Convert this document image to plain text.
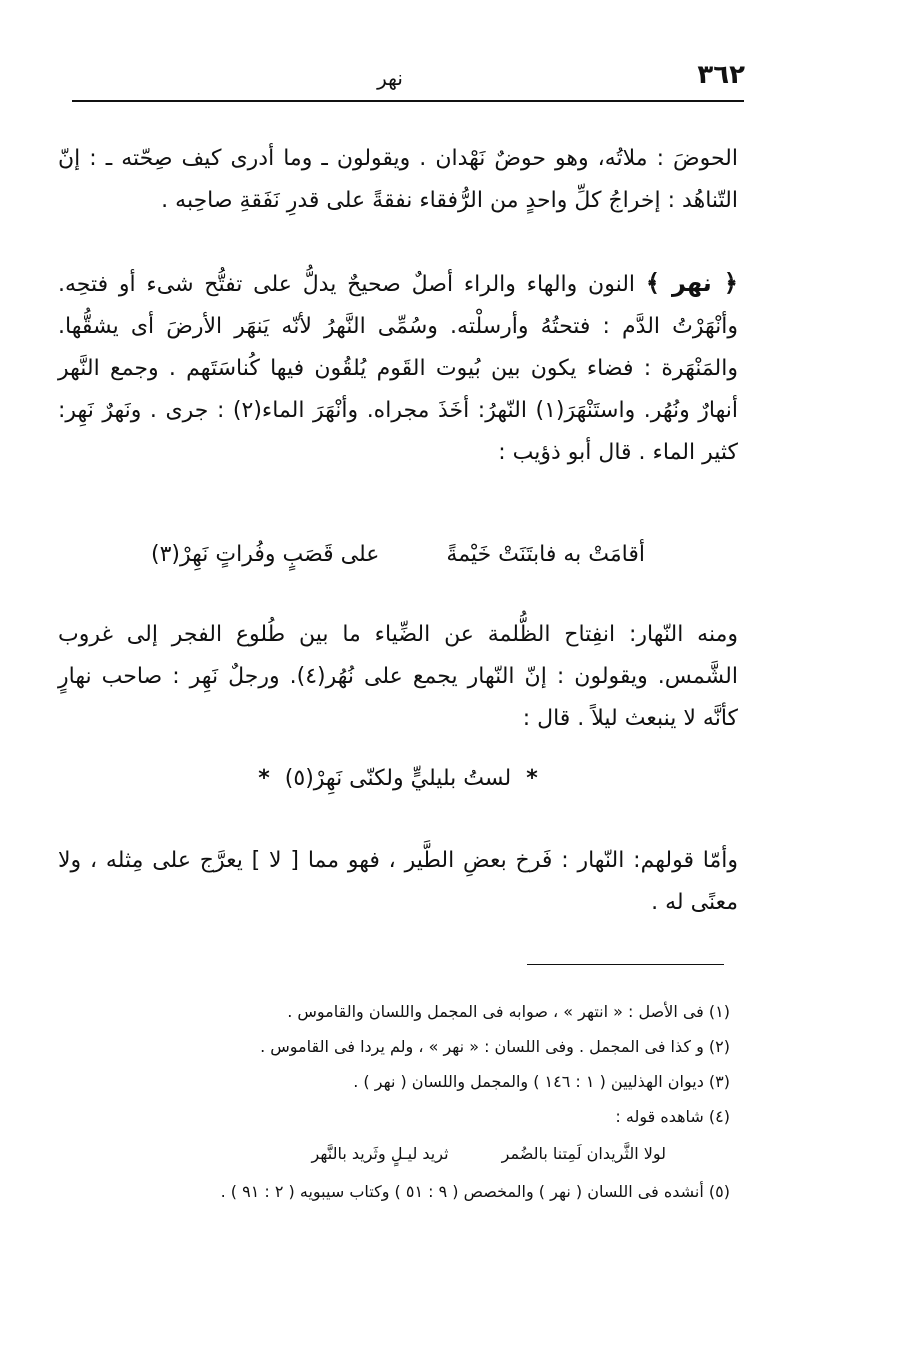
٣٦٢
نهر

الحوضَ : ملاتُه، وهو حوضٌ نَهْدان . ويقولون ـ وما أدرى كيف صِحّته ـ : إنّ التّناهُد : إخراجُ كلِّ واحدٍ من الرُّفقاء نفقةً على قدرِ نَفَقةِ صاحِبه .

﴿ نهر ﴾ النون والهاء والراء أصلٌ صحيحٌ يدلُّ على تفتُّح شىء أو فتحِه. وأنْهَرْتُ الدَّم : فتحتُهُ وأرسلْته. وسُمِّى النَّهرُ لأنّه يَنهَر الأرضَ أى يشقُّها. والمَنْهَرة : فضاء يكون بين بُيوت القَوم يُلقُون فيها كُناسَتَهم . وجمع النَّهر أنهارٌ ونُهُر. واستَنْهَرَ(١) النّهرُ: أخَذَ مجراه. وأنْهَرَ الماء(٢) : جرى . ونَهرٌ نَهِر: كثير الماء . قال أبو ذؤيب :

أقامَتْ به فابتَنَتْ خَيْمةً على قَصَبٍ وفُراتٍ نَهِرْ(٣)

ومنه النّهار: انفِتاح الظُّلمة عن الضِّياء ما بين طُلوع الفجر إلى غروب الشَّمس. ويقولون : إنّ النّهار يجمع على نُهُر(٤). ورجلٌ نَهِر : صاحب نهارٍ كأنَّه لا ينبعث ليلاً . قال :

* لستُ بليليٍّ ولكنّى نَهِرْ(٥) *

وأمّا قولهم: النّهار : فَرخ بعضِ الطَّير ، فهو مما [ لا ] يعرَّج على مِثله ، ولا معنًى له .

(١) فى الأصل : « انتهر » ، صوابه فى المجمل واللسان والقاموس .
(٢) و كذا فى المجمل . وفى اللسان : « نهر » ، ولم يردا فى القاموس .
(٣) ديوان الهذليين ( ١ : ١٤٦ ) والمجمل واللسان ( نهر ) .
(٤) شاهده قوله :
لولا الثَّريدان لَمِتنا بالضُمر ثريد ليـلٍ وثَريد بالنَّهر
(٥) أنشده فى اللسان ( نهر ) والمخصص ( ٩ : ٥١ ) وكتاب سيبويه ( ٢ : ٩١ ) .
